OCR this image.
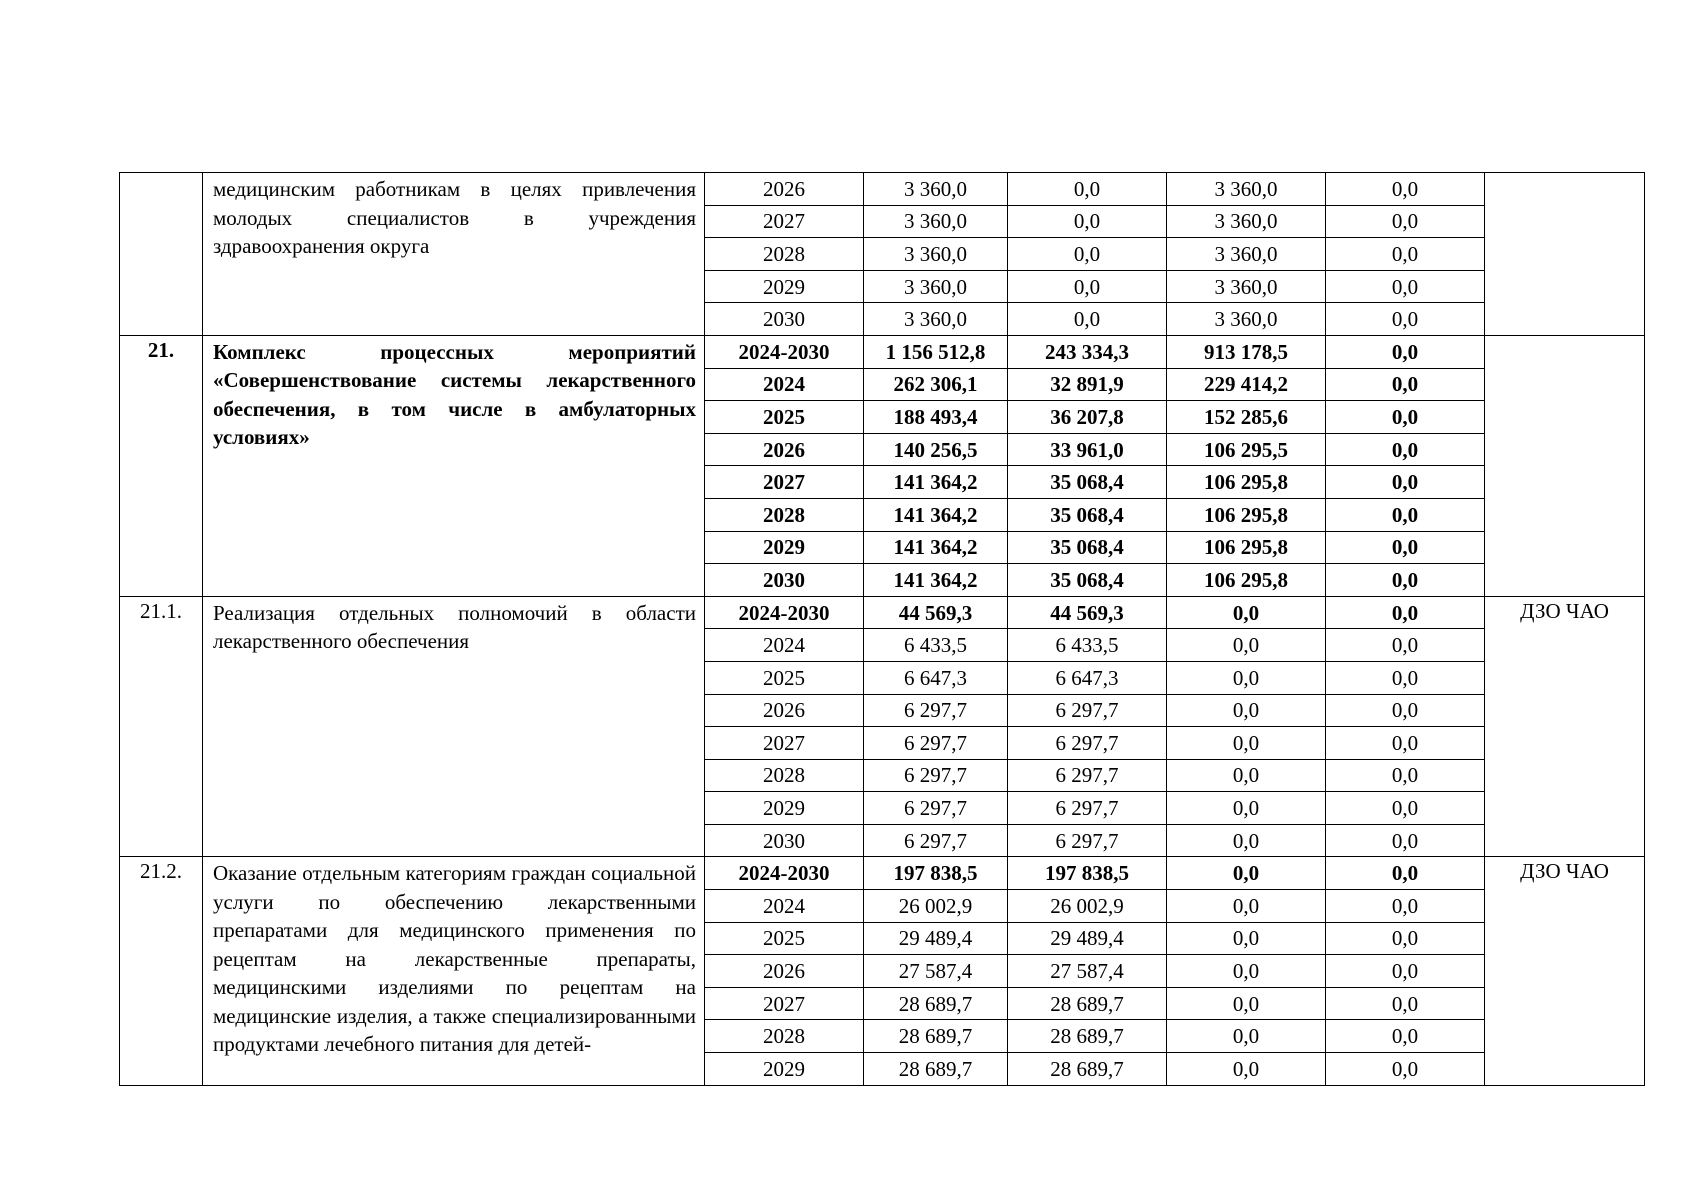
	медицинским работникам в целях привлечения молодых специалистов в учреждения здравоохранения округа	2026	3 360,0	0,0	3 360,0	0,0	
		2027	3 360,0	0,0	3 360,0	0,0	
		2028	3 360,0	0,0	3 360,0	0,0	
		2029	3 360,0	0,0	3 360,0	0,0	
		2030	3 360,0	0,0	3 360,0	0,0	
21.	Комплекс процессных мероприятий «Совершенствование системы лекарственного обеспечения, в том числе в амбулаторных условиях»	2024-2030	1 156 512,8	243 334,3	913 178,5	0,0	
		2024	262 306,1	32 891,9	229 414,2	0,0	
		2025	188 493,4	36 207,8	152 285,6	0,0	
		2026	140 256,5	33 961,0	106 295,5	0,0	
		2027	141 364,2	35 068,4	106 295,8	0,0	
		2028	141 364,2	35 068,4	106 295,8	0,0	
		2029	141 364,2	35 068,4	106 295,8	0,0	
		2030	141 364,2	35 068,4	106 295,8	0,0	
21.1.	Реализация отдельных полномочий в области лекарственного обеспечения	2024-2030	44 569,3	44 569,3	0,0	0,0	ДЗО ЧАО
		2024	6 433,5	6 433,5	0,0	0,0	
		2025	6 647,3	6 647,3	0,0	0,0	
		2026	6 297,7	6 297,7	0,0	0,0	
		2027	6 297,7	6 297,7	0,0	0,0	
		2028	6 297,7	6 297,7	0,0	0,0	
		2029	6 297,7	6 297,7	0,0	0,0	
		2030	6 297,7	6 297,7	0,0	0,0	
21.2.	Оказание отдельным категориям граждан социальной услуги по обеспечению лекарственными препаратами для медицинского применения по рецептам на лекарственные препараты, медицинскими изделиями по рецептам на медицинские изделия, а также специализированными продуктами лечебного питания для детей-	2024-2030	197 838,5	197 838,5	0,0	0,0	ДЗО ЧАО
		2024	26 002,9	26 002,9	0,0	0,0	
		2025	29 489,4	29 489,4	0,0	0,0	
		2026	27 587,4	27 587,4	0,0	0,0	
		2027	28 689,7	28 689,7	0,0	0,0	
		2028	28 689,7	28 689,7	0,0	0,0	
		2029	28 689,7	28 689,7	0,0	0,0	
